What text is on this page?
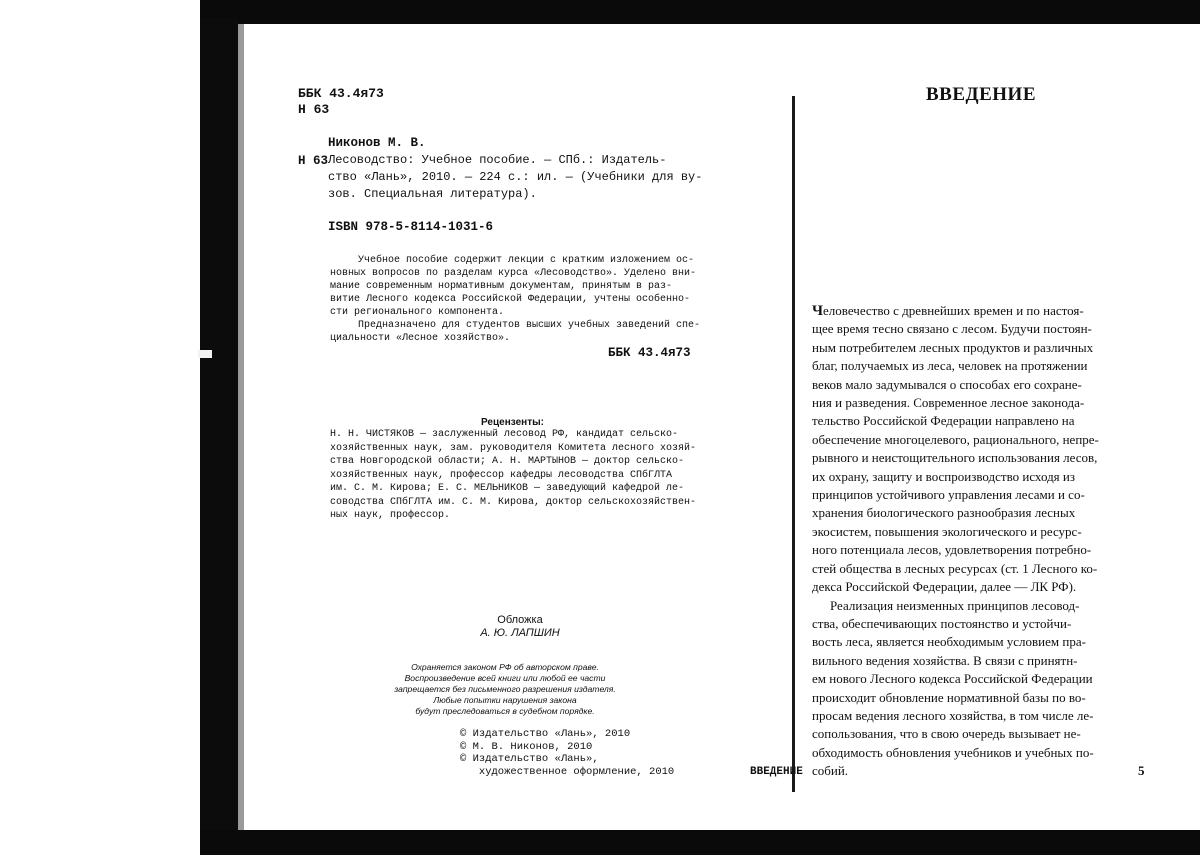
ББК 43.4я73
Н 63
Никонов М. В.
Н 63 Лесоводство: Учебное пособие. — СПб.: Издатель-
ство «Лань», 2010. — 224 с.: ил. — (Учебники для ву-
зов. Специальная литература).
ISBN 978-5-8114-1031-6
Учебное пособие содержит лекции с кратким изложением ос-
новных вопросов по разделам курса «Лесоводство». Уделено вни-
мание современным нормативным документам, принятым в раз-
витие Лесного кодекса Российской Федерации, учтены особенно-
сти регионального компонента.
Предназначено для студентов высших учебных заведений спе-
циальности «Лесное хозяйство».
ББК 43.4я73
Рецензенты:
Н. Н. ЧИСТЯКОВ — заслуженный лесовод РФ, кандидат сельско-
хозяйственных наук, зам. руководителя Комитета лесного хозяй-
ства Новгородской области; А. Н. МАРТЫНОВ — доктор сельско-
хозяйственных наук, профессор кафедры лесоводства СПбГЛТА
им. С. М. Кирова; Е. С. МЕЛЬНИКОВ — заведующий кафедрой ле-
соводства СПбГЛТА им. С. М. Кирова, доктор сельскохозяйствен-
ных наук, профессор.
Обложка
А. Ю. ЛАПШИН
Охраняется законом РФ об авторском праве.
Воспроизведение всей книги или любой ее части
запрещается без письменного разрешения издателя.
Любые попытки нарушения закона
будут преследоваться в судебном порядке.
© Издательство «Лань», 2010
© М. В. Никонов, 2010
© Издательство «Лань»,
художественное оформление, 2010
ВВЕДЕНИЕ
Человечество с древнейших времен и по настоя-
щее время тесно связано с лесом. Будучи постоян-
ным потребителем лесных продуктов и различных
благ, получаемых из леса, человек на протяжении
веков мало задумывался о способах его сохране-
ния и разведения. Современное лесное законода-
тельство Российской Федерации направлено на
обеспечение многоцелевого, рационального, непре-
рывного и неистощительного использования лесов,
их охрану, защиту и воспроизводство исходя из
принципов устойчивого управления лесами и со-
хранения биологического разнообразия лесных
экосистем, повышения экологического и ресурс-
ного потенциала лесов, удовлетворения потребно-
стей общества в лесных ресурсах (ст. 1 Лесного ко-
декса Российской Федерации, далее — ЛК РФ).
Реализация неизменных принципов лесовод-
ства, обеспечивающих постоянство и устойчи-
вость леса, является необходимым условием пра-
вильного ведения хозяйства. В связи с принятн-
ем нового Лесного кодекса Российской Федерации
происходит обновление нормативной базы по во-
просам ведения лесного хозяйства, в том числе ле-
сопользования, что в свою очередь вызывает не-
обходимость обновления учебников и учебных по-
собий.
ВВЕДЕНИЕ	5
